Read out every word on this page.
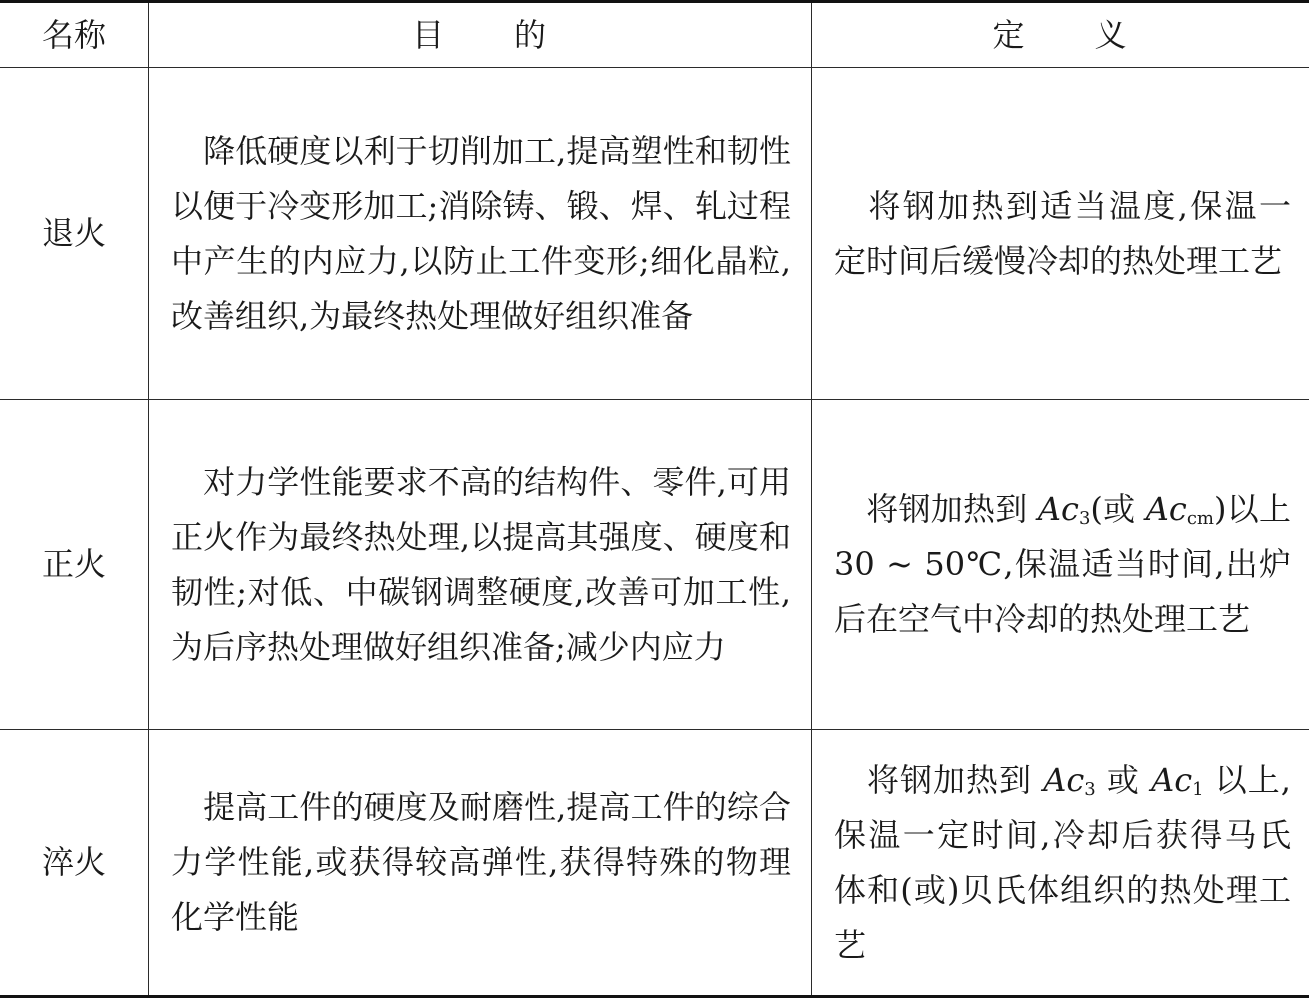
名称	目　　的	定　　义
退火	降低硬度以利于切削加工,提高塑性和韧性以便于冷变形加工;消除铸、锻、焊、轧过程中产生的内应力,以防止工件变形;细化晶粒,改善组织,为最终热处理做好组织准备	将钢加热到适当温度,保温一定时间后缓慢冷却的热处理工艺
正火	对力学性能要求不高的结构件、零件,可用正火作为最终热处理,以提高其强度、硬度和韧性;对低、中碳钢调整硬度,改善可加工性,为后序热处理做好组织准备;减少内应力	将钢加热到 $Ac_3$(或 $Ac_{cm}$)以上 30 ~ 50℃,保温适当时间,出炉后在空气中冷却的热处理工艺
淬火	提高工件的硬度及耐磨性,提高工件的综合力学性能,或获得较高弹性,获得特殊的物理化学性能	将钢加热到 $Ac_3$ 或 $Ac_1$ 以上,保温一定时间,冷却后获得马氏体和(或)贝氏体组织的热处理工艺
